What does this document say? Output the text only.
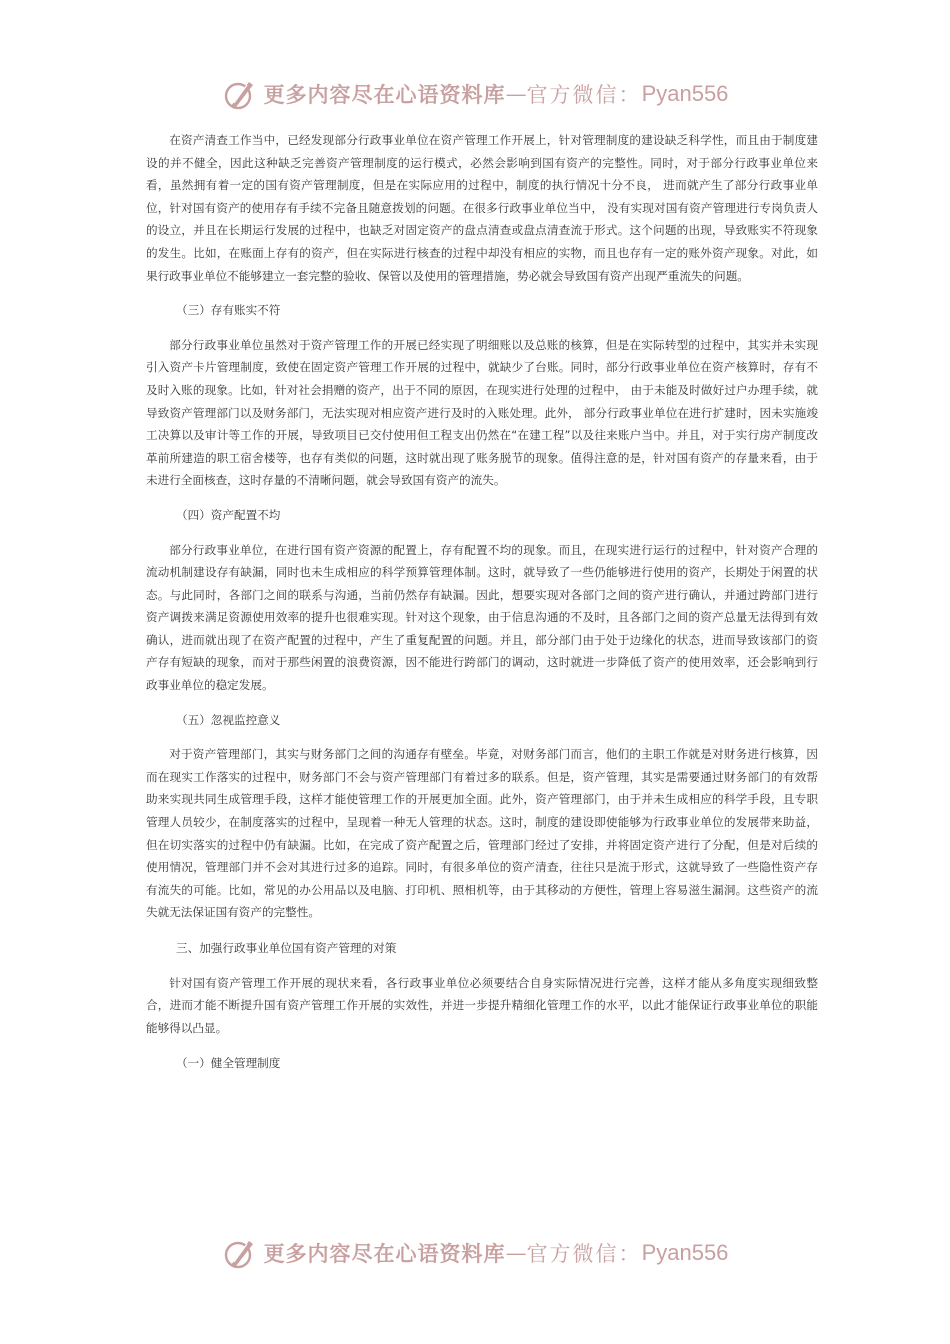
更多内容尽在心语资料库 — 官方微信： Pyan556

在资产清查工作当中，已经发现部分行政事业单位在资产管理工作开展上，针对管理制度的建设缺乏科学性，而且由于制度建设的并不健全，因此这种缺乏完善资产管理制度的运行模式，必然会影响到国有资产的完整性。同时，对于部分行政事业单位来看，虽然拥有着一定的国有资产管理制度，但是在实际应用的过程中，制度的执行情况十分不良， 进而就产生了部分行政事业单位，针对国有资产的使用存有手续不完备且随意拨划的问题。在很多行政事业单位当中， 没有实现对国有资产管理进行专岗负责人的设立，并且在长期运行发展的过程中，也缺乏对固定资产的盘点清查或盘点清查流于形式。这个问题的出现，导致账实不符现象的发生。比如，在账面上存有的资产，但在实际进行核查的过程中却没有相应的实物，而且也存有一定的账外资产现象。对此，如果行政事业单位不能够建立一套完整的验收、保管以及使用的管理措施，势必就会导致国有资产出现严重流失的问题。

（三）存有账实不符

部分行政事业单位虽然对于资产管理工作的开展已经实现了明细账以及总账的核算，但是在实际转型的过程中，其实并未实现引入资产卡片管理制度，致使在固定资产管理工作开展的过程中，就缺少了台账。同时，部分行政事业单位在资产核算时，存有不及时入账的现象。比如，针对社会捐赠的资产，出于不同的原因，在现实进行处理的过程中， 由于未能及时做好过户办理手续，就导致资产管理部门以及财务部门，无法实现对相应资产进行及时的入账处理。此外， 部分行政事业单位在进行扩建时，因未实施竣工决算以及审计等工作的开展，导致项目已交付使用但工程支出仍然在“在建工程”以及往来账户当中。并且，对于实行房产制度改革前所建造的职工宿舍楼等，也存有类似的问题，这时就出现了账务脱节的现象。值得注意的是，针对国有资产的存量来看，由于未进行全面核查，这时存量的不清晰问题，就会导致国有资产的流失。

（四）资产配置不均

部分行政事业单位，在进行国有资产资源的配置上，存有配置不均的现象。而且，在现实进行运行的过程中，针对资产合理的流动机制建设存有缺漏，同时也未生成相应的科学预算管理体制。这时，就导致了一些仍能够进行使用的资产，长期处于闲置的状态。与此同时，各部门之间的联系与沟通，当前仍然存有缺漏。因此，想要实现对各部门之间的资产进行确认，并通过跨部门进行资产调拨来满足资源使用效率的提升也很难实现。针对这个现象，由于信息沟通的不及时，且各部门之间的资产总量无法得到有效确认，进而就出现了在资产配置的过程中，产生了重复配置的问题。并且，部分部门由于处于边缘化的状态，进而导致该部门的资产存有短缺的现象，而对于那些闲置的浪费资源，因不能进行跨部门的调动，这时就进一步降低了资产的使用效率，还会影响到行政事业单位的稳定发展。

（五）忽视监控意义

对于资产管理部门，其实与财务部门之间的沟通存有壁垒。毕竟，对财务部门而言，他们的主职工作就是对财务进行核算，因而在现实工作落实的过程中，财务部门不会与资产管理部门有着过多的联系。但是，资产管理，其实是需要通过财务部门的有效帮助来实现共同生成管理手段，这样才能使管理工作的开展更加全面。此外，资产管理部门，由于并未生成相应的科学手段，且专职管理人员较少，在制度落实的过程中，呈现着一种无人管理的状态。这时，制度的建设即使能够为行政事业单位的发展带来助益，但在切实落实的过程中仍有缺漏。比如，在完成了资产配置之后，管理部门经过了安排，并将固定资产进行了分配，但是对后续的使用情况，管理部门并不会对其进行过多的追踪。同时，有很多单位的资产清查，往往只是流于形式，这就导致了一些隐性资产存有流失的可能。比如，常见的办公用品以及电脑、打印机、照相机等，由于其移动的方便性，管理上容易滋生漏洞。这些资产的流失就无法保证国有资产的完整性。

三、加强行政事业单位国有资产管理的对策

针对国有资产管理工作开展的现状来看，各行政事业单位必须要结合自身实际情况进行完善，这样才能从多角度实现细致整合，进而才能不断提升国有资产管理工作开展的实效性，并进一步提升精细化管理工作的水平，以此才能保证行政事业单位的职能能够得以凸显。

（一）健全管理制度

更多内容尽在心语资料库 — 官方微信： Pyan556
